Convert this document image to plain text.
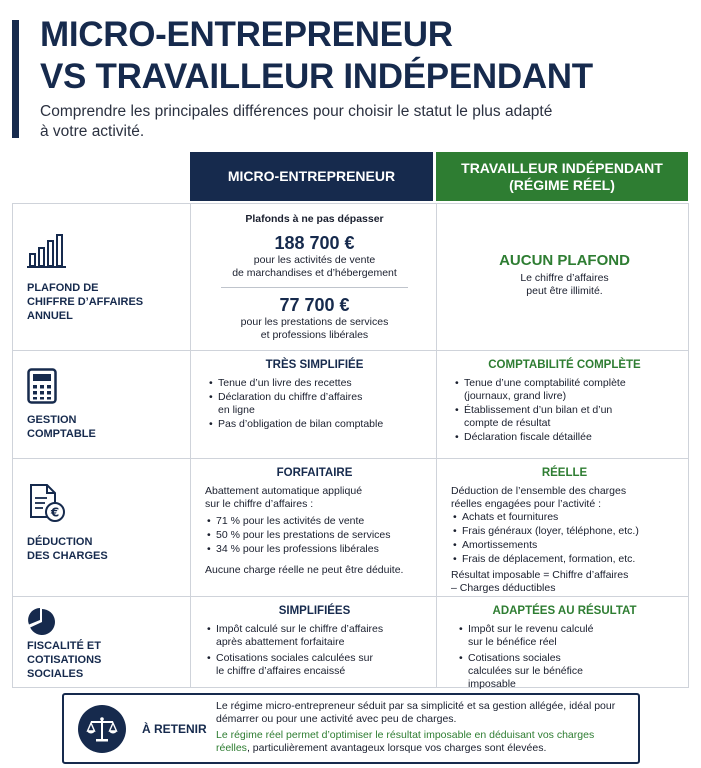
MICRO-ENTREPRENEUR
VS TRAVAILLEUR INDÉPENDANT
Comprendre les principales différences pour choisir le statut le plus adapté à votre activité.
MICRO-ENTREPRENEUR
TRAVAILLEUR INDÉPENDANT
(RÉGIME RÉEL)
PLAFOND DE
CHIFFRE D’AFFAIRES
ANNUEL
Plafonds à ne pas dépasser
188 700 €
pour les activités de vente
de marchandises et d’hébergement
77 700 €
pour les prestations de services
et professions libérales
AUCUN PLAFOND
Le chiffre d’affaires
peut être illimité.
GESTION
COMPTABLE
TRÈS SIMPLIFIÉE
• Tenue d’un livre des recettes
• Déclaration du chiffre d’affaires en ligne
• Pas d’obligation de bilan comptable
COMPTABILITÉ COMPLÈTE
• Tenue d’une comptabilité complète (journaux, grand livre)
• Établissement d’un bilan et d’un compte de résultat
• Déclaration fiscale détaillée
€
DÉDUCTION
DES CHARGES
FORFAITAIRE
Abattement automatique appliqué sur le chiffre d’affaires :
• 71 % pour les activités de vente
• 50 % pour les prestations de services
• 34 % pour les professions libérales
Aucune charge réelle ne peut être déduite.
RÉELLE
Déduction de l’ensemble des charges réelles engagées pour l’activité :
• Achats et fournitures
• Frais généraux (loyer, téléphone, etc.)
• Amortissements
• Frais de déplacement, formation, etc.
Résultat imposable = Chiffre d’affaires
– Charges déductibles
FISCALITÉ ET
COTISATIONS
SOCIALES
SIMPLIFIÉES
• Impôt calculé sur le chiffre d’affaires après abattement forfaitaire
• Cotisations sociales calculées sur le chiffre d’affaires encaissé
ADAPTÉES AU RÉSULTAT
• Impôt sur le revenu calculé sur le bénéfice réel
• Cotisations sociales calculées sur le bénéfice imposable
À RETENIR

Le régime micro-entrepreneur séduit par sa simplicité et sa gestion allégée, idéal pour démarrer ou pour une activité avec peu de charges.

Le régime réel permet d’optimiser le résultat imposable en déduisant vos charges réelles, particulièrement avantageux lorsque vos charges sont élevées.
